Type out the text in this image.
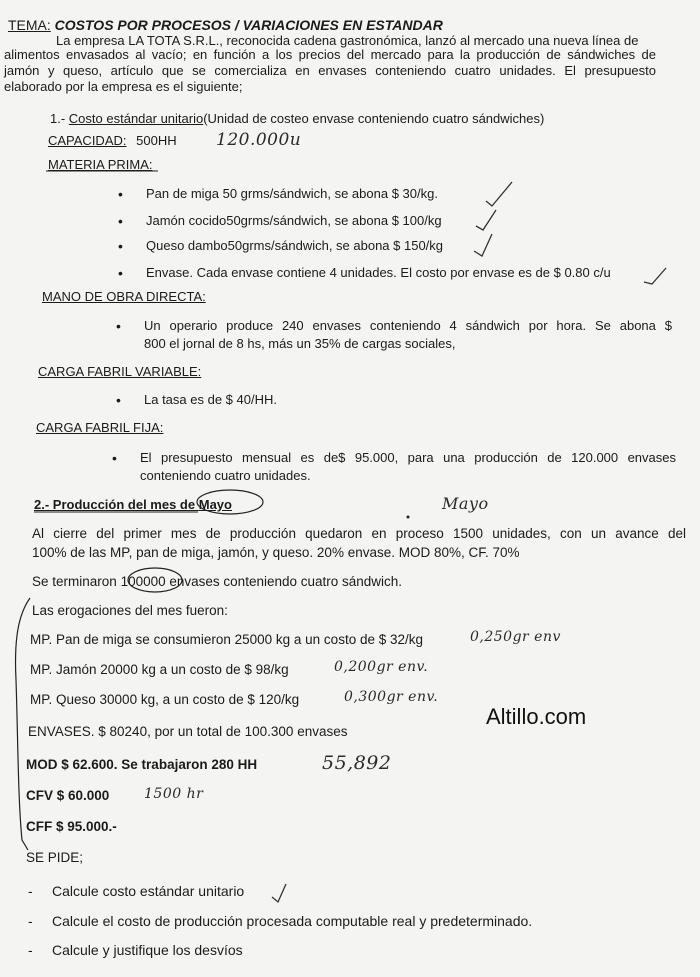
TEMA: COSTOS POR PROCESOS / VARIACIONES EN ESTANDAR
La empresa LA TOTA S.R.L., reconocida cadena gastronómica, lanzó al mercado una nueva línea de
alimentos envasados al vacío; en función a los precios del mercado para la producción de sándwiches de
jamón y queso, artículo que se comercializa en envases conteniendo cuatro unidades. El presupuesto
elaborado por la empresa es el siguiente;
1.- Costo estándar unitario(Unidad de costeo envase conteniendo cuatro sándwiches)
CAPACIDAD: 500HH 120.000u
MATERIA PRIMA:
• Pan de miga 50 grms/sándwich, se abona $ 30/kg.
• Jamón cocido50grms/sándwich, se abona $ 100/kg
• Queso dambo50grms/sándwich, se abona $ 150/kg
• Envase. Cada envase contiene 4 unidades. El costo por envase es de $ 0.80 c/u
MANO DE OBRA DIRECTA:
• Un operario produce 240 envases conteniendo 4 sándwich por hora. Se abona $
800 el jornal de 8 hs, más un 35% de cargas sociales,
CARGA FABRIL VARIABLE:
• La tasa es de $ 40/HH.
CARGA FABRIL FIJA:
• El presupuesto mensual es de$ 95.000, para una producción de 120.000 envases
conteniendo cuatro unidades.
2.- Producción del mes de Mayo	Mayo
Al cierre del primer mes de producción quedaron en proceso 1500 unidades, con un avance del
100% de las MP, pan de miga, jamón, y queso. 20% envase. MOD 80%, CF. 70%
Se terminaron 100000 envases conteniendo cuatro sándwich.
Las erogaciones del mes fueron:
MP. Pan de miga se consumieron 25000 kg a un costo de $ 32/kg	0,250gr env
MP. Jamón 20000 kg a un costo de $ 98/kg	0,200gr env.
MP. Queso 30000 kg, a un costo de $ 120/kg	0,300gr env.
ENVASES. $ 80240, por un total de 100.300 envases
MOD $ 62.600. Se trabajaron 280 HH	55,892
CFV $ 60.000 1500 hr
CFF $ 95.000.-
SE PIDE;
- Calcule costo estándar unitario
- Calcule el costo de producción procesada computable real y predeterminado.
- Calcule y justifique los desvíos
Altillo.com
